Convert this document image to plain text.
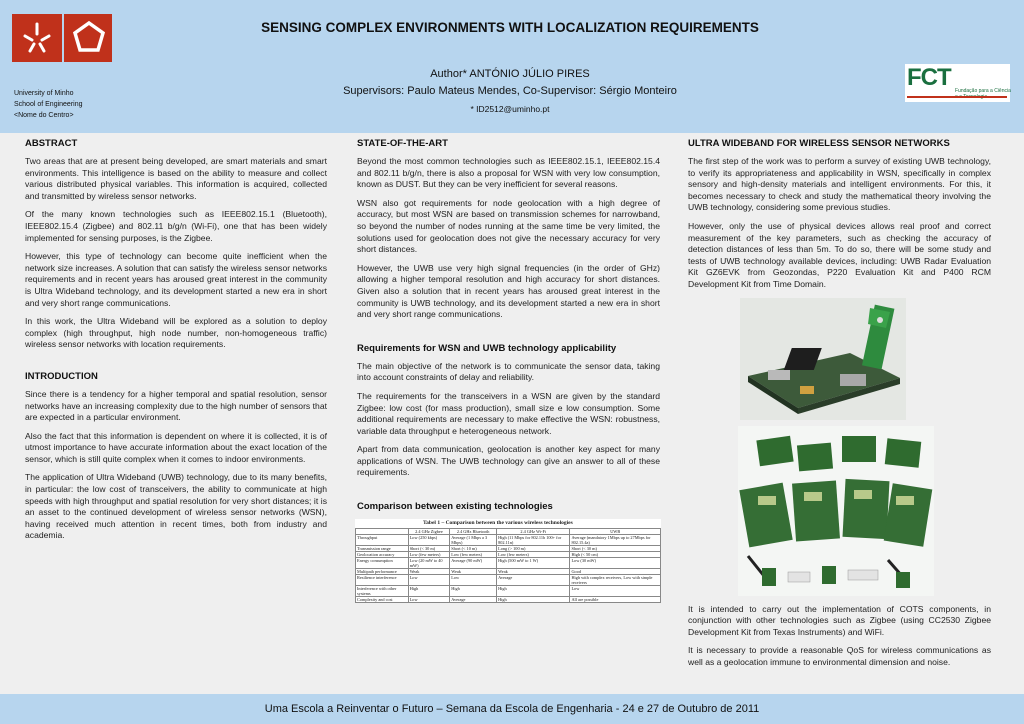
University of Minho
School of Engineering
<Nome do Centro>
SENSING COMPLEX ENVIRONMENTS WITH LOCALIZATION REQUIREMENTS
Author* ANTÓNIO JÚLIO PIRES
Supervisors: Paulo Mateus Mendes, Co-Supervisor: Sérgio Monteiro
* ID2512@uminho.pt
FCT Fundação para a Ciência
ABSTRACT

Two areas that are at present being developed, are smart materials and smart environments. This intelligence is based on the ability to measure and collect various distributed physical variables. This information is acquired, collected and transmitted by wireless sensor networks.

Of the many known technologies such as IEEE802.15.1 (Bluetooth), IEEE802.15.4 (Zigbee) and 802.11 b/g/n (Wi-Fi), one that has been widely implemented for sensing purposes, is the Zigbee.

However, this type of technology can become quite inefficient when the network size increases. A solution that can satisfy the wireless sensor networks requirements and in recent years has aroused great interest in the community is Ultra Wideband technology, and its development started a new era in short and very short range communications.

In this work, the Ultra Wideband will be explored as a solution to deploy complex (high throughput, high node number, non-homogeneous traffic) wireless sensor networks with location requirements.

INTRODUCTION

Since there is a tendency for a higher temporal and spatial resolution, sensor networks have an increasing complexity due to the high number of sensors that are expected in a particular environment.

Also the fact that this information is dependent on where it is collected, it is of utmost importance to have accurate information about the exact location of the sensor, which is still quite complex when it comes to indoor environments.

The application of Ultra Wideband (UWB) technology, due to its many benefits, in particular: the low cost of transceivers, the ability to communicate at high speeds with high throughput and spatial resolution for very short distances; it is an asset to the continued development of wireless sensor networks (WSN), having received much attention in recent times, both from industry and academia.

STATE-OF-THE-ART

Beyond the most common technologies such as IEEE802.15.1, IEEE802.15.4 and 802.11 b/g/n, there is also a proposal for WSN with very low consumption, known as DUST. But they can be very inefficient for several reasons.

WSN also got requirements for node geolocation with a high degree of accuracy, but most WSN are based on transmission schemes for narrowband, so beyond the number of nodes running at the same time be very limited, the solutions used for geolocation does not give the necessary accuracy for very short distances.

However, the UWB use very high signal frequencies (in the order of GHz) allowing a higher temporal resolution and high accuracy for short distances. Given also a solution that in recent years has aroused great interest in the community is UWB technology, and its development started a new era in short and very short range communications.

Requirements for WSN and UWB technology applicability

The main objective of the network is to communicate the sensor data, taking into account constraints of delay and reliability.

The requirements for the transceivers in a WSN are given by the standard Zigbee: low cost (for mass production), small size e low consumption. Some additional requirements are necessary to make effective the WSN: robustness, variable data throughput e heterogeneous network.

Apart from data communication, geolocation is another key aspect for many applications of WSN. The UWB technology can give an answer to all of these requirements.

Comparison between existing technologies
Tabel 1 – Comparison between the various wireless technologies
	2.4 GHz Zigbee	2.4 GHz Bluetooth	2.4 GHz Wi-Fi	UWB
Throughput	Low (250 kbps)	Average (1 Mbps a 3 Mbps)	High (11 Mbps for 802.11b 100+ for 802.11n)	Average (mandatory 1Mbps up to 27Mbps for 802.15.4a)
Transmission range	Short (< 30 m)	Short (< 10 m)	Long (> 100 m)	Short (< 30 m)
Geolocation accuracy	Low (few meters)	Low (few meters)	Low (few meters)	High (< 50 cm)
Energy consumption	Low (20 mW to 40 mW)	Average (90 mW)	High (500 mW to 1 W)	Low (30 mW)
Multipath performance	Weak	Weak	Weak	Good
Resilience interference	Low	Low	Average	High with complex receivers, Low with simple receivers
Interference with other systems	High	High	High	Low
Complexity and cost	Low	Average	High	All are possible
ULTRA WIDEBAND FOR WIRELESS SENSOR NETWORKS

The first step of the work was to perform a survey of existing UWB technology, to verify its appropriateness and applicability in WSN, specifically in complex sensory and high-density materials and intelligent environments. For this, it becomes necessary to check and study the mathematical theory involving the UWB technology, considering some previous studies.

However, only the use of physical devices allows real proof and correct measurement of the key parameters, such as checking the accuracy of detection distances of less than 5m. To do so, there will be some study and tests of UWB technology available devices, including: UWB Radar Evaluation Kit GZ6EVK from Geozondas, P220 Evaluation Kit and P400 RCM Development Kit from Time Domain.

It is intended to carry out the implementation of COTS components, in conjunction with other technologies such as Zigbee (using CC2530 Zigbee Development Kit from Texas Instruments) and WiFi.

It is necessary to provide a reasonable QoS for wireless communications as well as a geolocation immune to environmental dimension and noise.

Uma Escola a Reinventar o Futuro – Semana da Escola de Engenharia - 24 e 27 de Outubro de 2011
